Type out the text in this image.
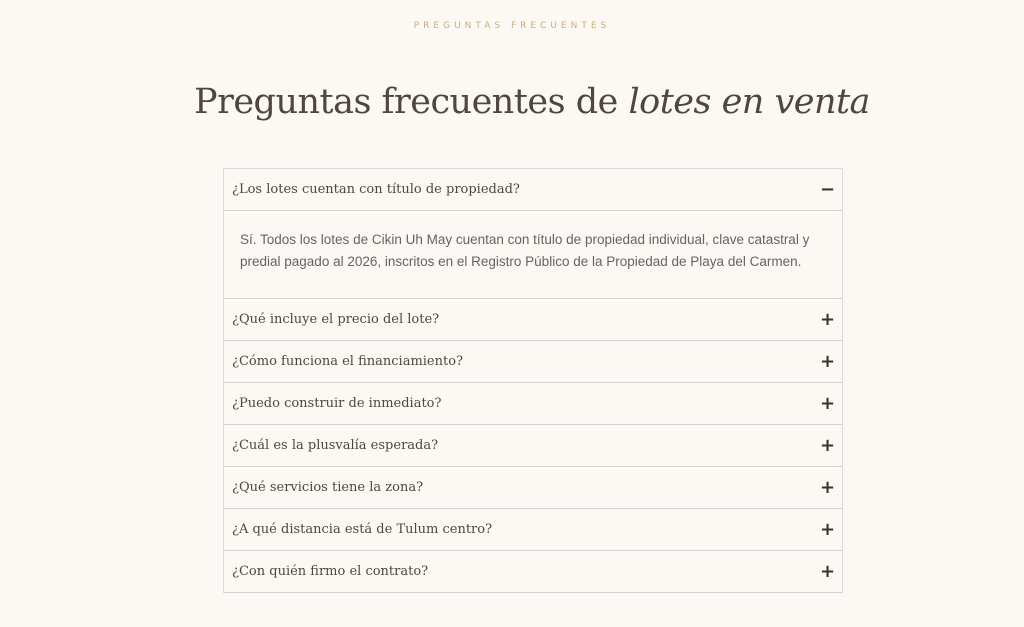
PREGUNTAS FRECUENTES
Preguntas frecuentes de lotes en venta
¿Los lotes cuentan con título de propiedad?	−
Sí. Todos los lotes de Cikin Uh May cuentan con título de propiedad individual, clave catastral y predial pagado al 2026, inscritos en el Registro Público de la Propiedad de Playa del Carmen.
¿Qué incluye el precio del lote?	+
¿Cómo funciona el financiamiento?	+
¿Puedo construir de inmediato?	+
¿Cuál es la plusvalía esperada?	+
¿Qué servicios tiene la zona?	+
¿A qué distancia está de Tulum centro?	+
¿Con quién firmo el contrato?	+
